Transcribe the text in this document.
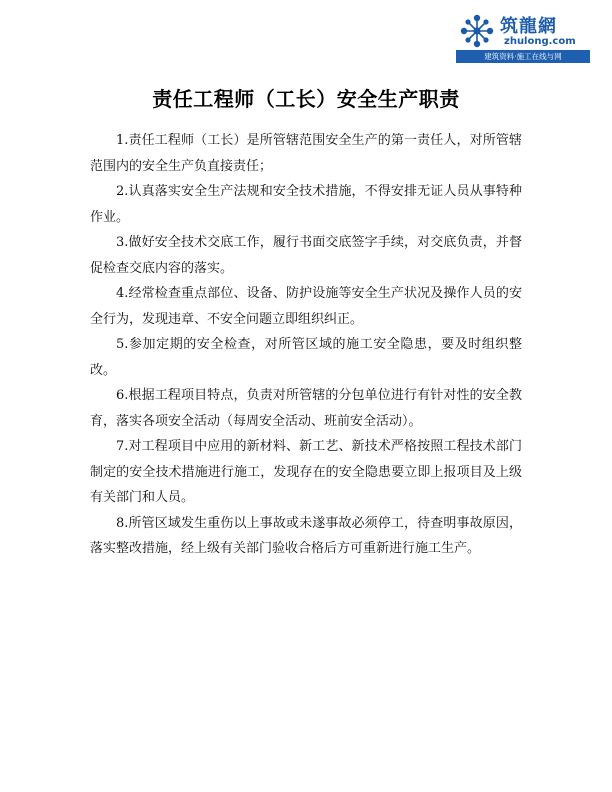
筑龍網
zhulong.com
建筑资料·施工在线与网
责任工程师（工长）安全生产职责

1.责任工程师（工长）是所管辖范围安全生产的第一责任人，对所管辖范围内的安全生产负直接责任；

2.认真落实安全生产法规和安全技术措施，不得安排无证人员从事特种作业。

3.做好安全技术交底工作，履行书面交底签字手续，对交底负责，并督促检查交底内容的落实。

4.经常检查重点部位、设备、防护设施等安全生产状况及操作人员的安全行为，发现违章、不安全问题立即组织纠正。

5.参加定期的安全检查，对所管区域的施工安全隐患，要及时组织整改。

6.根据工程项目特点，负责对所管辖的分包单位进行有针对性的安全教育，落实各项安全活动（每周安全活动、班前安全活动）。

7.对工程项目中应用的新材料、新工艺、新技术严格按照工程技术部门制定的安全技术措施进行施工，发现存在的安全隐患要立即上报项目及上级有关部门和人员。

8.所管区域发生重伤以上事故或未遂事故必须停工，待查明事故原因，落实整改措施，经上级有关部门验收合格后方可重新进行施工生产。
